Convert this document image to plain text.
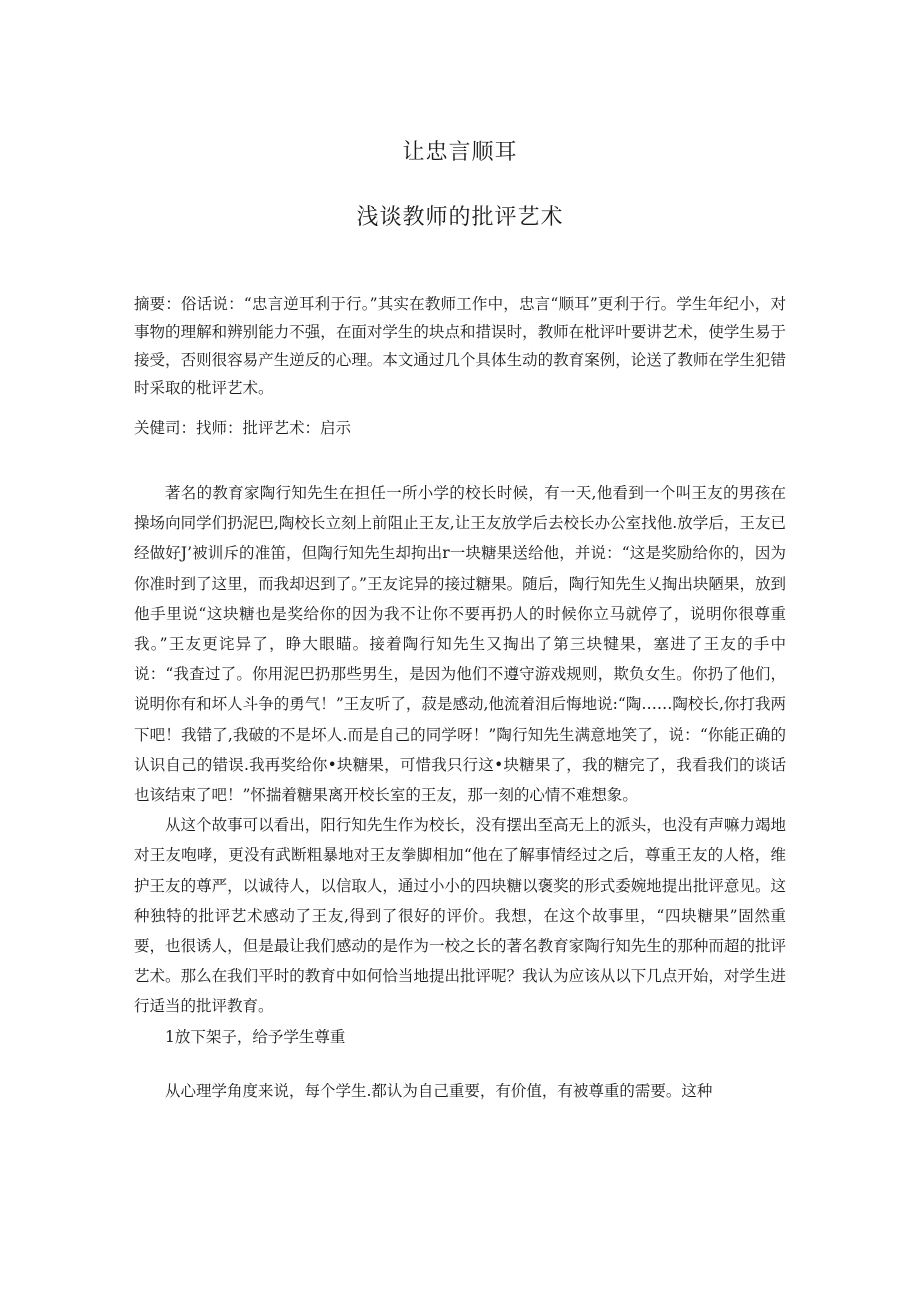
让忠言顺耳
浅谈教师的批评艺术

摘要：俗话说：“忠言逆耳利于行。”其实在教师工作中，忠言“顺耳”更利于行。学生年纪小，对事物的理解和辨别能力不强，在面对学生的块点和措误时，教师在枇评叶要讲艺术，使学生易于接受，否则很容易产生逆反的心理。本文通过几个具体生动的教育案例，论送了教师在学生犯错时采取的枇评艺术。

关健司：找师：批评艺术：启示

著名的教育家陶行知先生在担任一所小学的校长时候，有一天,他看到一个叫王友的男孩在操场向同学们扔泥巴,陶校长立刻上前阻止王友,让王友放学后去校长办公室找他.放学后，王友已经做好J’被训斥的准笛，但陶行知先生却拘出r一块糖果送给他，并说：“这是奖励给你的，因为你准时到了这里，而我却迟到了。”王友诧异的接过糖果。随后，陶行知先生乂掏出块陋果，放到他手里说“这块糖也是奖给你的因为我不让你不要再扔人的时候你立马就停了，说明你很尊重我。”王友更诧异了，睁大眼瞄。接着陶行知先生又掏出了第三块犍果，塞进了王友的手中说：“我査过了。你用泥巴扔那些男生，是因为他们不遵守游戏规则，欺负女生。你扔了他们，说明你有和坏人斗争的勇气！”王友听了，菽是感动,他流着泪后悔地说:“陶……陶校长,你打我两下吧！我错了,我破的不是坏人.而是自己的同学呀！”陶行知先生满意地笑了，说：“你能正确的认识自己的错误.我再奖给你•块糖果，可惜我只行这•块糖果了，我的糖完了，我看我们的谈话也该结束了吧！”怀揣着糖果离开校长室的王友，那一刻的心情不难想象。

从这个故事可以看出，阳行知先生作为校长，没有摆出至高无上的派头，也没有声嘛力竭地对王友咆哮，更没有武断粗暴地对王友拳脚相加“他在了解事情经过之后，尊重王友的人格，维护王友的尊严，以诚待人，以信取人，通过小小的四块糖以褒奖的形式委婉地提出批评意见。这种独特的批评艺术感动了王友,得到了很好的评价。我想，在这个故事里，“四块糖果”固然重要，也很诱人，但是最让我们感动的是作为一校之长的著名教育家陶行知先生的那种而超的批评艺术。那么在我们平时的教育中如何恰当地提出批评呢？我认为应该从以下几点开始，对学生进行适当的批评教育。

1放下架子，给予学生尊重

从心理学角度来说，每个学生.都认为自己重要，有价值，有被尊重的需要。这种
